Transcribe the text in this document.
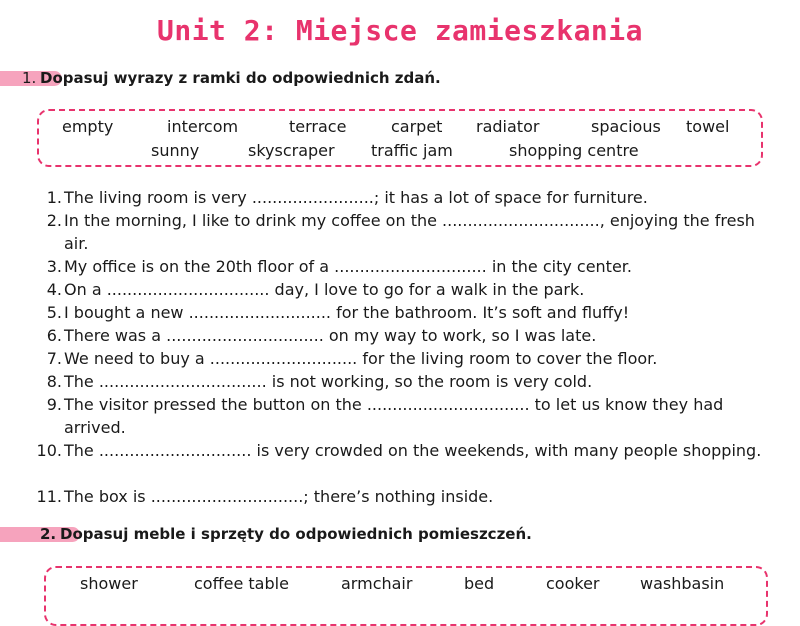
Unit 2: Miejsce zamieszkania
1. Dopasuj wyrazy z ramki do odpowiednich zdań.
empty	intercom	terrace	carpet radiator	spacious towel
sunny	skyscraper traffic jam	shopping centre
1. The living room is very ........................; it has a lot of space for furniture.
2. In the morning, I like to drink my coffee on the ..............................., enjoying the fresh air.
3. My office is on the 20th floor of a .............................. in the city center.
4. On a ................................ day, I love to go for a walk in the park.
5. I bought a new ............................ for the bathroom. It’s soft and fluffy!
6. There was a ............................... on my way to work, so I was late.
7. We need to buy a ............................. for the living room to cover the floor.
8. The ................................. is not working, so the room is very cold.
9. The visitor pressed the button on the ................................ to let us know they had arrived.
10. The .............................. is very crowded on the weekends, with many people shopping.
11. The box is ..............................; there’s nothing inside.
2. Dopasuj meble i sprzęty do odpowiednich pomieszczeń.
shower	coffee table	armchair	bed	cooker	washbasin
